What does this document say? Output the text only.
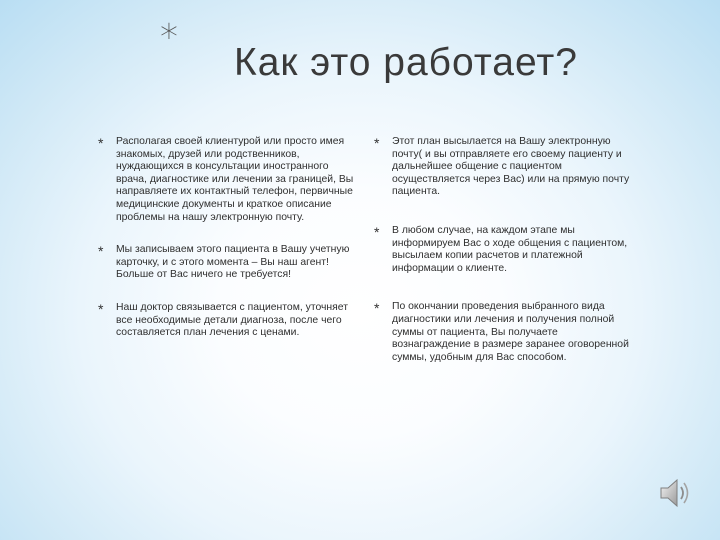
*
Как это работает?
* Располагая своей клиентурой или просто имея знакомых, друзей или родственников, нуждающихся в консультации иностранного врача, диагностике или лечении за границей, Вы направляете их контактный телефон, первичные медицинские документы и краткое описание проблемы на нашу электронную почту.
* Мы записываем этого пациента в Вашу учетную карточку, и с этого момента – Вы наш агент! Больше от Вас ничего не требуется!
* Наш доктор связывается с пациентом, уточняет все необходимые детали диагноза, после чего составляется план лечения с ценами.
* Этот план высылается на Вашу электронную почту( и вы отправляете его своему пациенту и дальнейшее общение с пациентом осуществляется через Вас) или на прямую почту пациента.
* В любом случае, на каждом этапе мы информируем Вас о ходе общения с пациентом, высылаем копии расчетов и платежной информации о клиенте.
* По окончании проведения выбранного вида диагностики или лечения и получения полной суммы от пациента, Вы получаете вознаграждение в размере заранее оговоренной суммы, удобным для Вас способом.
